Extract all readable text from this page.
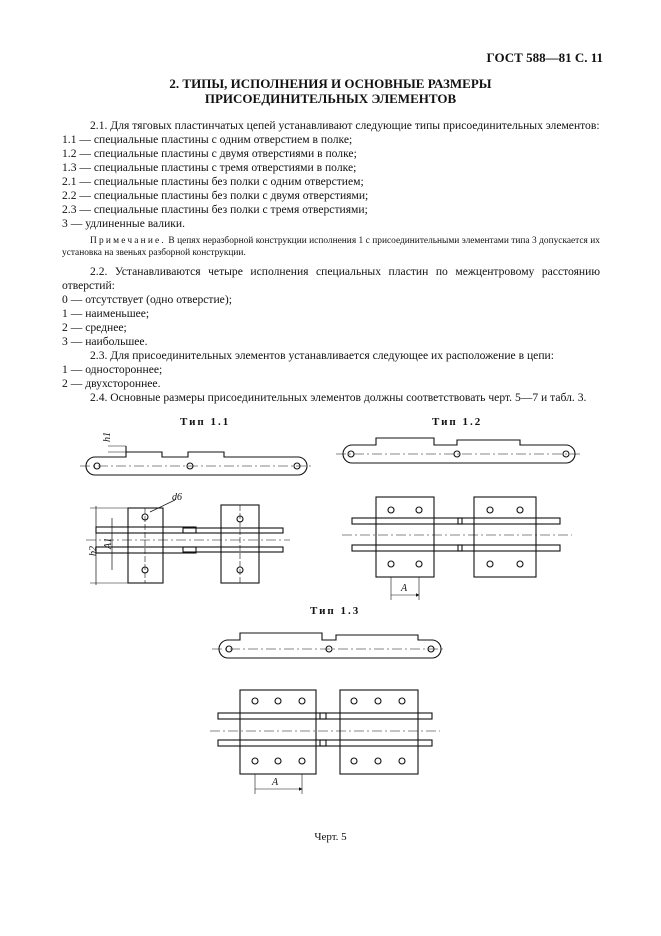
ГОСТ 588—81 С. 11
2. ТИПЫ, ИСПОЛНЕНИЯ И ОСНОВНЫЕ РАЗМЕРЫ
ПРИСОЕДИНИТЕЛЬНЫХ ЭЛЕМЕНТОВ

2.1. Для тяговых пластинчатых цепей устанавливают следующие типы присоединительных элементов:

1.1 — специальные пластины с одним отверстием в полке;

1.2 — специальные пластины с двумя отверстиями в полке;

1.3 — специальные пластины с тремя отверстиями в полке;

2.1 — специальные пластины без полки с одним отверстием;

2.2 — специальные пластины без полки с двумя отверстиями;

2.3 — специальные пластины без полки с тремя отверстиями;

3 — удлиненные валики.

Примечание. В цепях неразборной конструкции исполнения 1 с присоединительными элементами типа 3 допускается их установка на звеньях разборной конструкции.

2.2. Устанавливаются четыре исполнения специальных пластин по межцентровому расстоянию отверстий:

0 — отсутствует (одно отверстие);

1 — наименьшее;

2 — среднее;

3 — наибольшее.

2.3. Для присоединительных элементов устанавливается следующее их расположение в цепи:

1 — одностороннее;

2 — двухстороннее.

2.4. Основные размеры присоединительных элементов должны соответствовать черт. 5—7 и табл. 3.

Тип 1.1	Тип 1.2
Тип 1.3
h1
d6
A1
b2
A
A
Черт. 5
